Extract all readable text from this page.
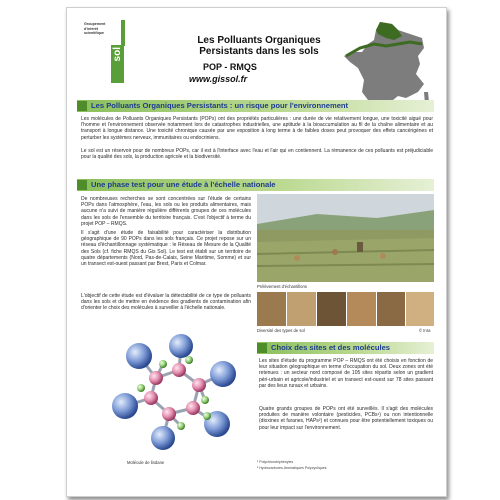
Groupement
d'intérêt
scientifique
sol
Les Polluants Organiques
Persistants dans les sols
POP - RMQS
www.gissol.fr
Les Polluants Organiques Persistants : un risque pour l'environnement
Les molécules de Polluants Organiques Persistants (POPs) ont des propriétés particulières : une durée de vie relativement longue, une toxicité aiguë pour l'homme et l'environnement observée notamment lors de catastrophes industrielles, une aptitude à la bioaccumulation au fil de la chaîne alimentaire et au transport à longue distance. Une toxicité chronique causée par une exposition à long terme à de faibles doses peut provoquer des effets cancérigènes et perturber les systèmes nerveux, immunitaires ou endocriniens.
Le sol est un réservoir pour de nombreux POPs, car il est à l'interface avec l'eau et l'air qui en contiennent. La rémanence de ces polluants est préjudiciable pour la qualité des sols, la production agricole et la biodiversité.
Une phase test pour une étude à l'échelle nationale
De nombreuses recherches se sont concentrées sur l'étude de certains POPs dans l'atmosphère, l'eau, les sols ou les produits alimentaires, mais aucune n'a suivi de manière régulière différents groupes de ces molécules dans les sols de l'ensemble du territoire français. C'est l'objectif à terme du projet POP – RMQS.
Il s'agit d'une étude de faisabilité pour caractériser la distribution géographique de 90 POPs dans les sols français. Ce projet repose sur un réseau d'échantillonnage systématique : le Réseau de Mesure de la Qualité des Sols (cf. fiche RMQS du Gis Sol). Le test est établi sur un territoire de quatre départements (Nord, Pas-de-Calais, Seine Maritime, Somme) et sur un transect est-ouest passant par Brest, Paris et Colmar.
L'objectif de cette étude est d'évaluer la détectabilité de ce type de polluants dans les sols et de mettre en évidence des gradients de contamination afin d'orienter le choix des molécules à surveiller à l'échelle nationale.
Prélèvement d'échantillons
Diversité des types de sol	© Inra
Molécule de lindane
Choix des sites et des molécules
Les sites d'étude du programme POP – RMQS ont été choisis en fonction de leur situation géographique en terme d'occupation du sol. Deux zones ont été retenues : un secteur nord composé de 105 sites répartis selon un gradient péri-urbain et agricole/industriel et un transect est-ouest sur 78 sites passant par des lieux ruraux et urbains.
Quatre grands groupes de POPs ont été surveillés. Il s'agit des molécules produites de manière volontaire (pesticides, PCBs¹) ou non intentionnelle (dioxines et furanes, HAPs²) et connues pour être potentiellement toxiques ou pour leur impact sur l'environnement.
¹ Polychlorobiphényles
² Hydrocarbures Aromatiques Polycycliques
